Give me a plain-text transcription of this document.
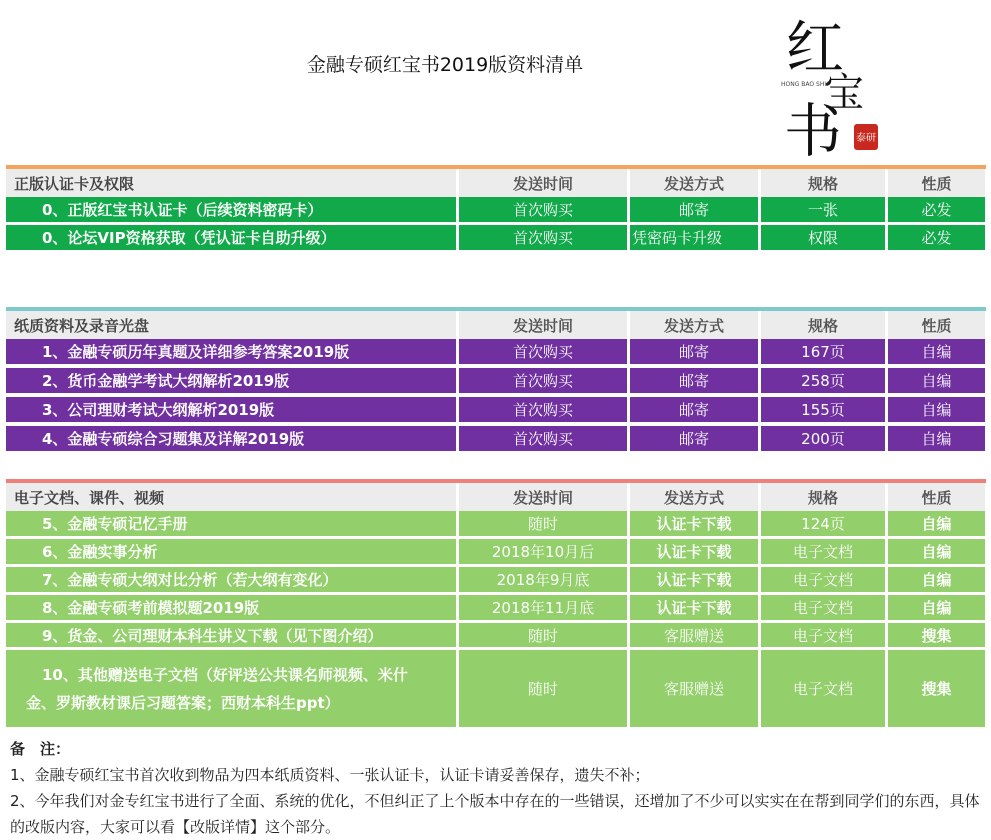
金融专硕红宝书2019版资料清单	红
宝
书
HONG BAO SHU
泰研
正版认证卡及权限	发送时间	发送方式	规格	性质
0、正版红宝书认证卡（后续资料密码卡）	首次购买	邮寄	一张	必发
0、论坛VIP资格获取（凭认证卡自助升级）	首次购买	凭密码卡升级	权限	必发
纸质资料及录音光盘	发送时间	发送方式	规格	性质
1、金融专硕历年真题及详细参考答案2019版	首次购买	邮寄	167页	自编
2、货币金融学考试大纲解析2019版	首次购买	邮寄	258页	自编
3、公司理财考试大纲解析2019版	首次购买	邮寄	155页	自编
4、金融专硕综合习题集及详解2019版	首次购买	邮寄	200页	自编
电子文档、课件、视频	发送时间	发送方式	规格	性质
5、金融专硕记忆手册	随时	认证卡下载	124页	自编
6、金融实事分析	2018年10月后	认证卡下载	电子文档	自编
7、金融专硕大纲对比分析（若大纲有变化）	2018年9月底	认证卡下载	电子文档	自编
8、金融专硕考前模拟题2019版	2018年11月底	认证卡下载	电子文档	自编
9、货金、公司理财本科生讲义下载（见下图介绍）	随时	客服赠送	电子文档	搜集
10、其他赠送电子文档（好评送公共课名师视频、米什
金、罗斯教材课后习题答案；西财本科生ppt）
随时	客服赠送	电子文档	搜集
备　注：
1、金融专硕红宝书首次收到物品为四本纸质资料、一张认证卡，认证卡请妥善保存，遗失不补；
2、今年我们对金专红宝书进行了全面、系统的优化，不但纠正了上个版本中存在的一些错误，还增加了不少可以实实在在帮到同学们的东西，具体的改版内容，大家可以看【改版详情】这个部分。
